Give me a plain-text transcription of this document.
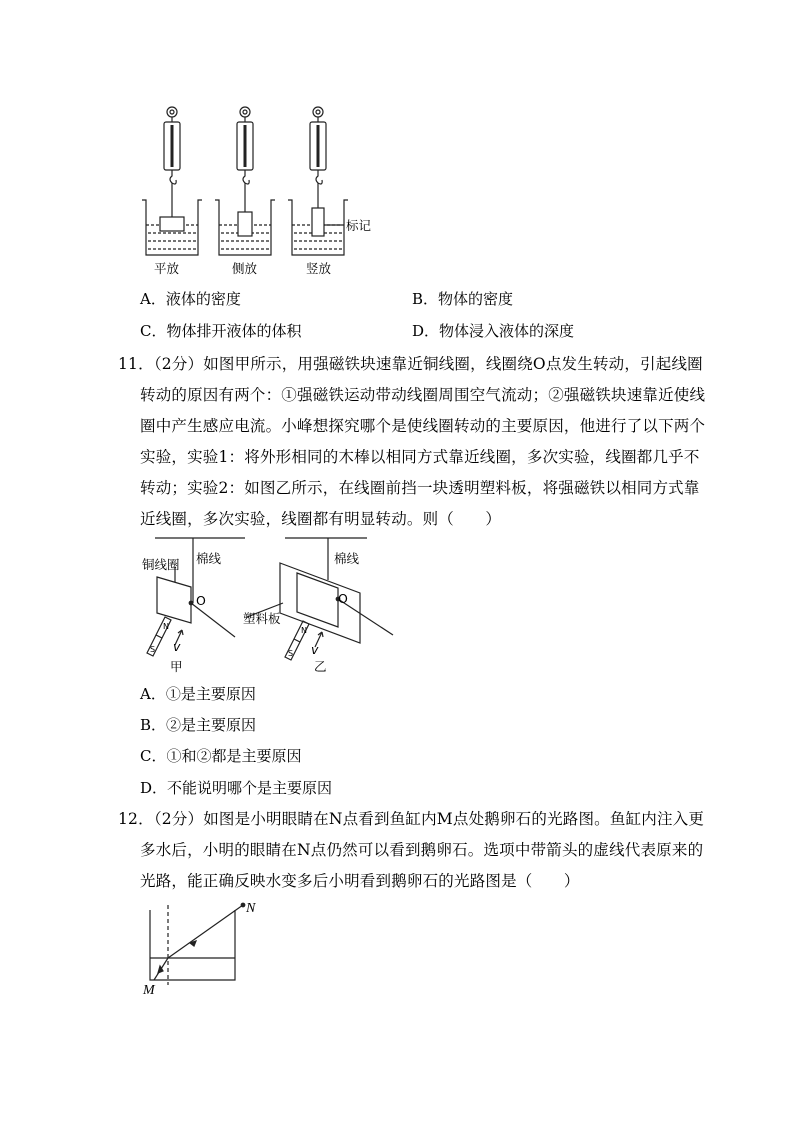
平放	侧放	竖放
标记
A．液体的密度	B．物体的密度
C．物体排开液体的体积	D．物体浸入液体的深度
11．（2分）如图甲所示，用强磁铁块速靠近铜线圈，线圈绕O点发生转动，引起线圈
转动的原因有两个：①强磁铁运动带动线圈周围空气流动；②强磁铁块速靠近使线
圈中产生感应电流。小峰想探究哪个是使线圈转动的主要原因，他进行了以下两个
实验，实验1：将外形相同的木棒以相同方式靠近线圈，多次实验，线圈都几乎不
转动；实验2：如图乙所示，在线圈前挡一块透明塑料板，将强磁铁以相同方式靠
近线圈，多次实验，线圈都有明显转动。则（　　）
铜线圈 棉线
O
甲
棉线
塑料板
O
乙
N
S v
N
S v
A．①是主要原因
B．②是主要原因
C．①和②都是主要原因
D．不能说明哪个是主要原因
12．（2分）如图是小明眼睛在N点看到鱼缸内M点处鹅卵石的光路图。鱼缸内注入更
多水后，小明的眼睛在N点仍然可以看到鹅卵石。选项中带箭头的虚线代表原来的
光路，能正确反映水变多后小明看到鹅卵石的光路图是（　　）
N
M
